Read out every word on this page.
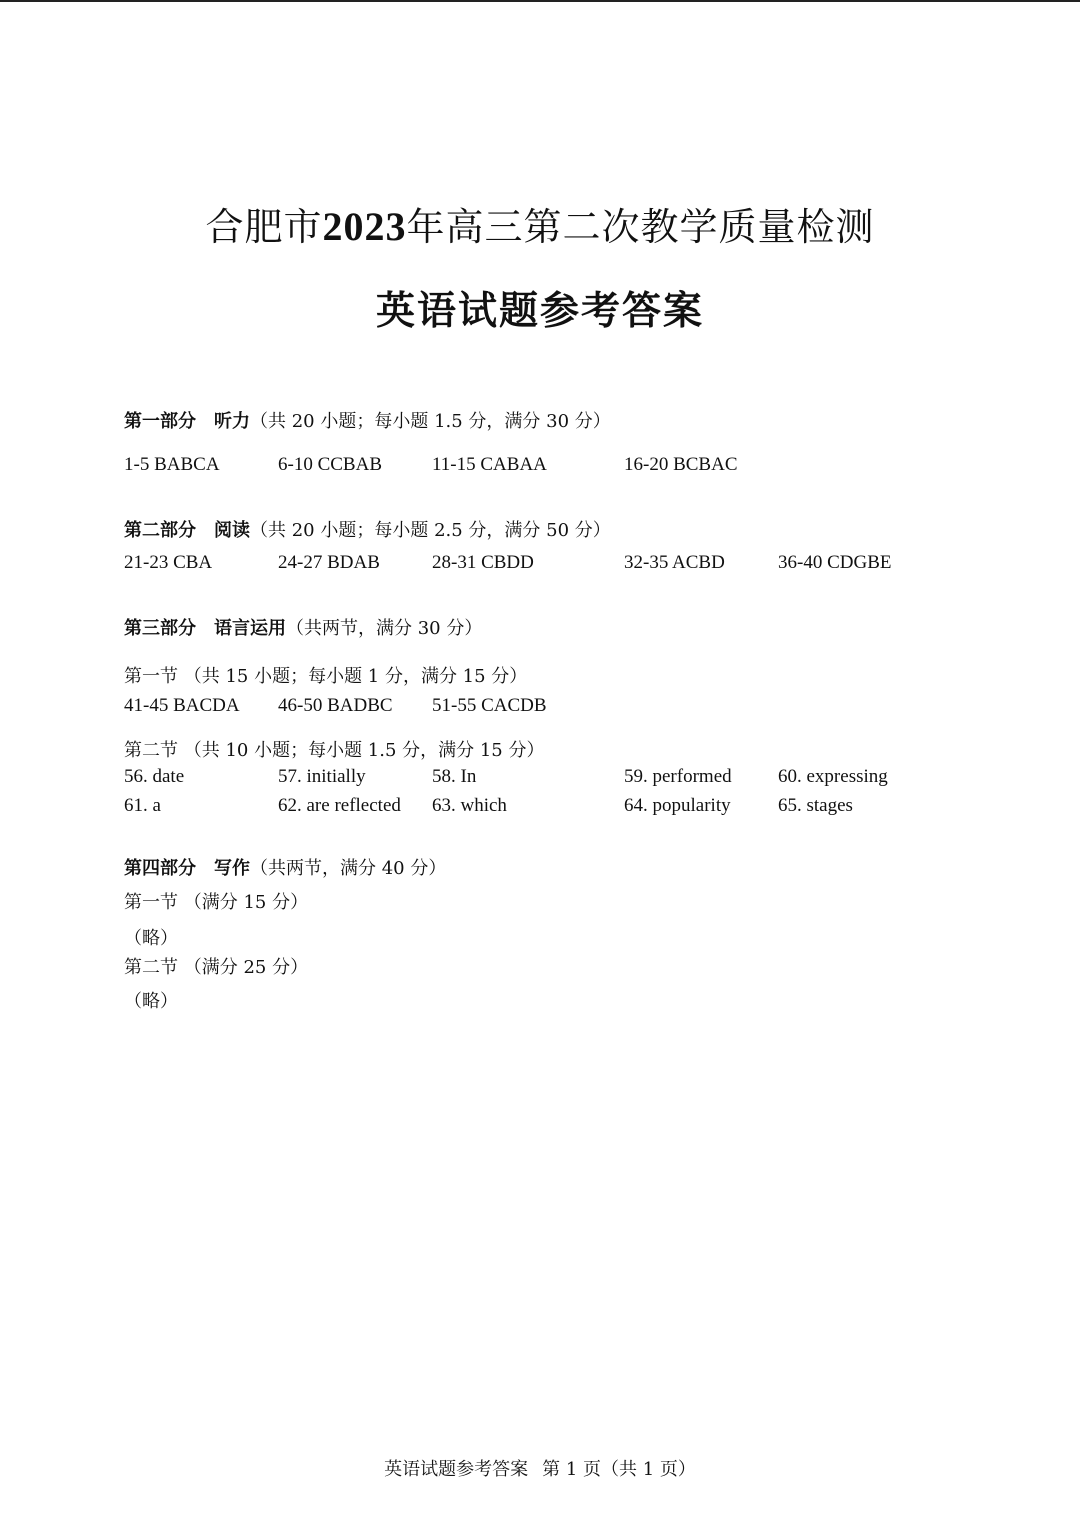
合肥市2023年高三第二次教学质量检测
英语试题参考答案
第一部分 听力（共 20 小题；每小题 1.5 分，满分 30 分）
1-5 BABCA	6-10 CCBAB	11-15 CABAA	16-20 BCBAC
第二部分 阅读（共 20 小题；每小题 2.5 分，满分 50 分）
21-23 CBA	24-27 BDAB	28-31 CBDD	32-35 ACBD	36-40 CDGBE
第三部分 语言运用（共两节，满分 30 分）
第一节 （共 15 小题；每小题 1 分，满分 15 分）
41-45 BACDA 46-50 BADBC 51-55 CACDB
第二节 （共 10 小题；每小题 1.5 分，满分 15 分）
56. date	57. initially	58. In	59. performed 60. expressing
61. a	62. are reflected 63. which	64. popularity 65. stages
第四部分 写作（共两节，满分 40 分）
第一节 （满分 15 分）
（略）
第二节 （满分 25 分）
（略）
英语试题参考答案 第 1 页（共 1 页）
